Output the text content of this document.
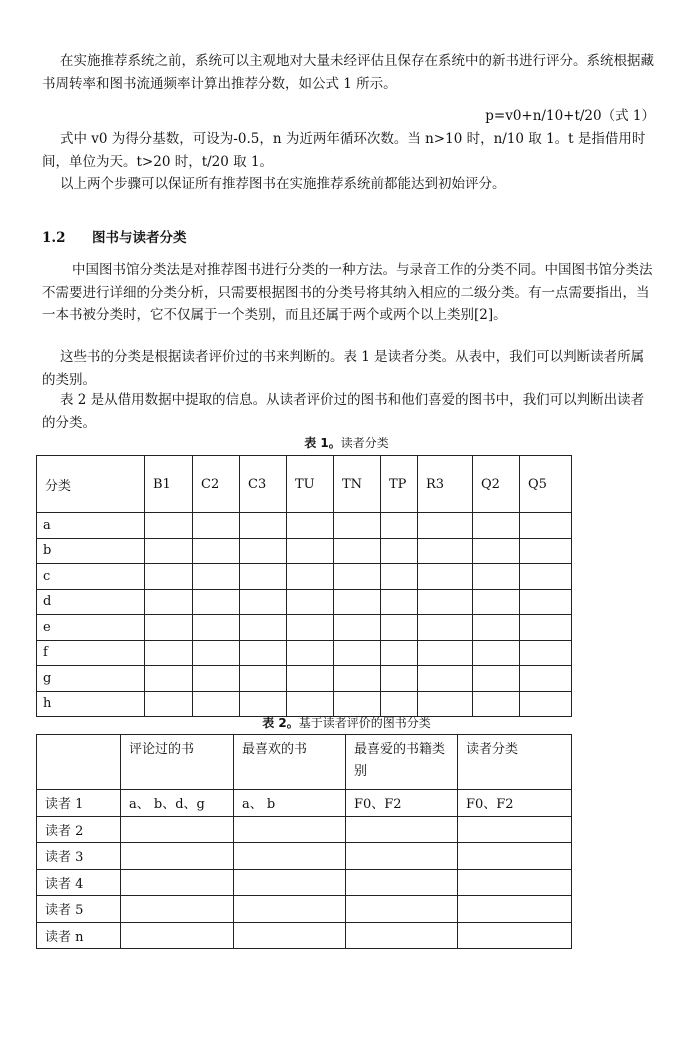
在实施推荐系统之前，系统可以主观地对大量未经评估且保存在系统中的新书进行评分。系统根据藏书周转率和图书流通频率计算出推荐分数，如公式 1 所示。
p=v0+n/10+t/20（式 1）
式中 v0 为得分基数，可设为-0.5，n 为近两年循环次数。当 n>10 时，n/10 取 1。t 是指借用时间，单位为天。t>20 时，t/20 取 1。
以上两个步骤可以保证所有推荐图书在实施推荐系统前都能达到初始评分。
1.2 图书与读者分类
中国图书馆分类法是对推荐图书进行分类的一种方法。与录音工作的分类不同。中国图书馆分类法不需要进行详细的分类分析，只需要根据图书的分类号将其纳入相应的二级分类。有一点需要指出，当一本书被分类时，它不仅属于一个类别，而且还属于两个或两个以上类别[2]。
这些书的分类是根据读者评价过的书来判断的。表 1 是读者分类。从表中，我们可以判断读者所属的类别。
表 2 是从借用数据中提取的信息。从读者评价过的图书和他们喜爱的图书中，我们可以判断出读者的分类。
表 1。读者分类
分类	B1	C2	C3	TU	TN	TP	R3	Q2	Q5
a									
b									
c									
d									
e									
f									
g									
h									
表 2。基于读者评价的图书分类
	评论过的书	最喜欢的书	最喜爱的书籍类别	读者分类
读者 1	a、 b、d、g	a、 b	F0、F2	F0、F2
读者 2				
读者 3				
读者 4				
读者 5				
读者 n				
